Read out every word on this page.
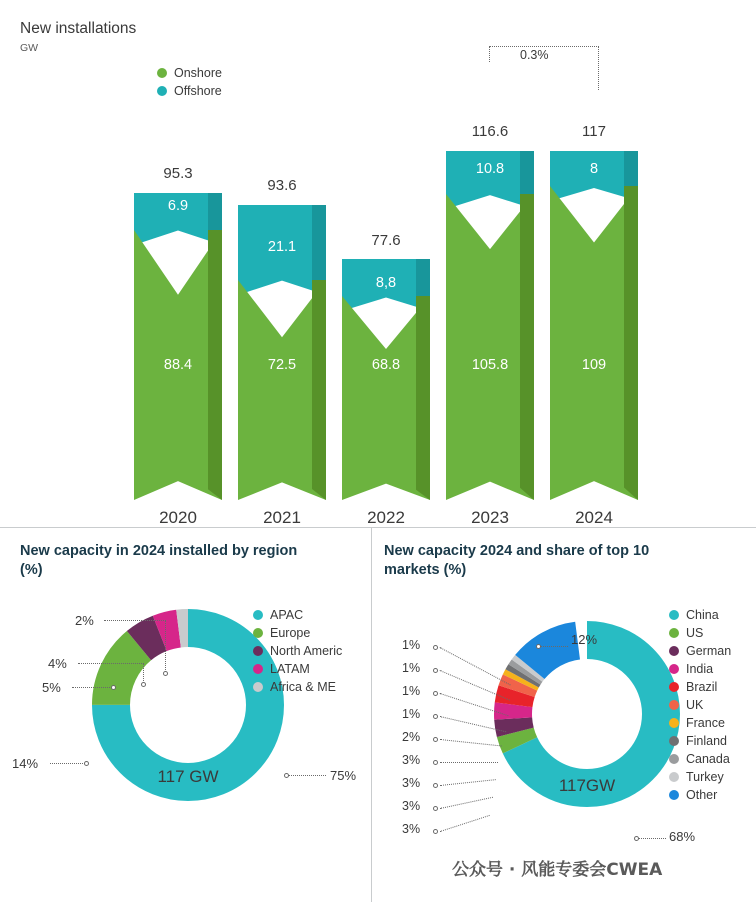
New installations
GW
Onshore
Offshore
0.3%
95.3
6.9
88.4
2020
93.6
21.1
72.5
2021
77.6
8,8
68.8
2022
116.6
10.8
105.8
2023
117
8
109
2024
New capacity in 2024 installed by region (%)
117 GW	75%
14%
5%
4%
2%	APAC
Europe
North Americ
LATAM
Africa & ME
New capacity 2024 and share of top 10 markets (%)
117GW
12%
68%
1%
1%
1%
1%
2%
3%
3%
3%
3%
China
US
German
India
Brazil
UK
France
Finland
Canada
Turkey
Other
公众号 · 风能专委会CWEA
